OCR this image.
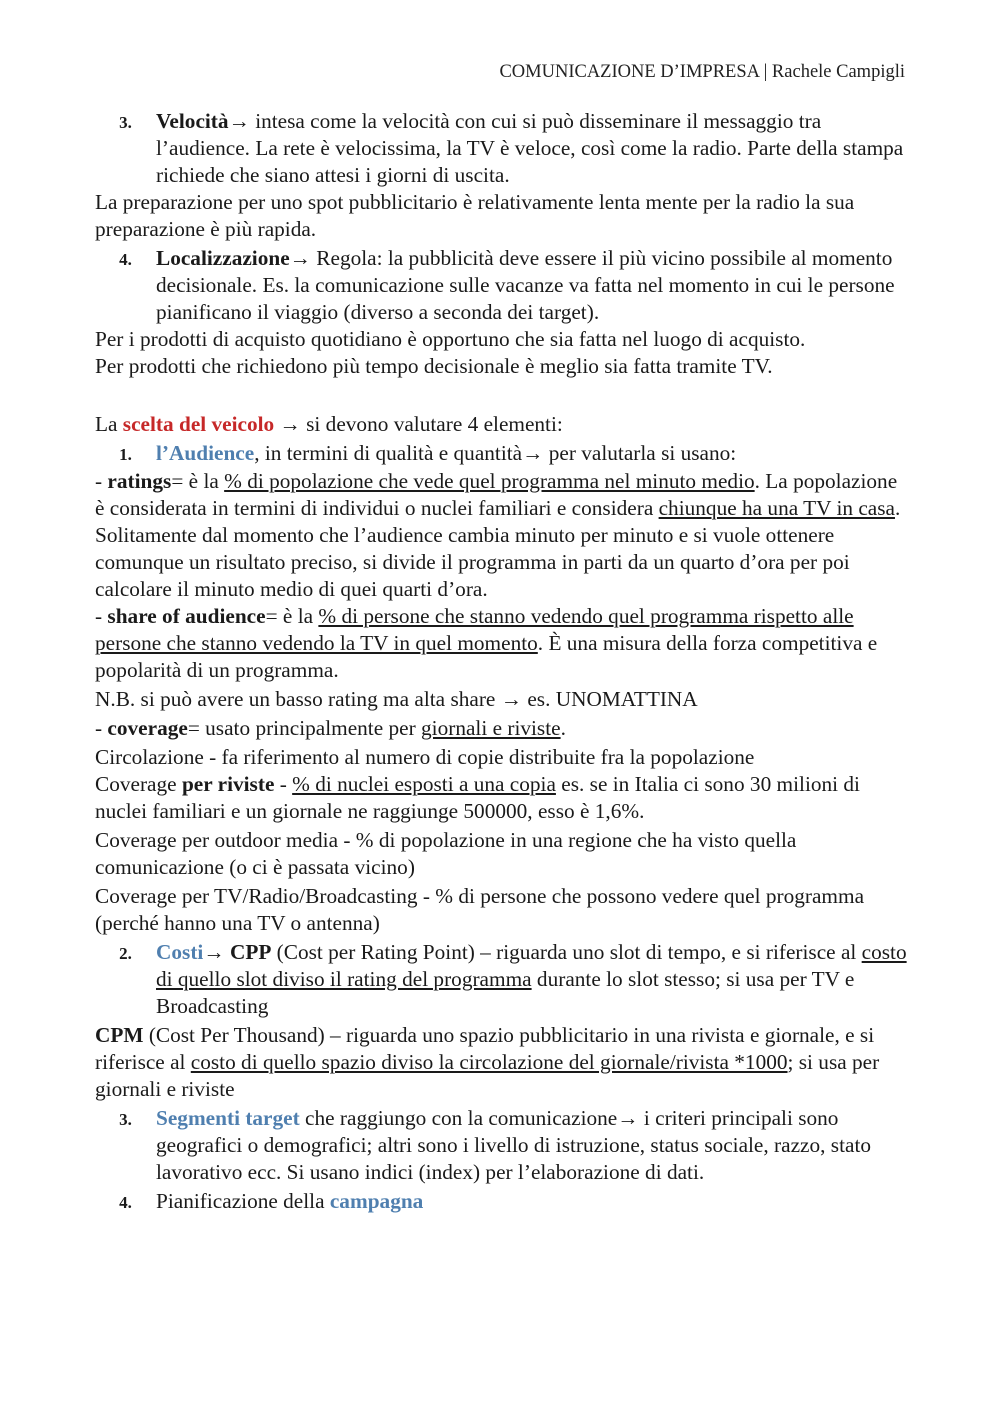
COMUNICAZIONE D’IMPRESA | Rachele Campigli
3.	Velocità→ intesa come la velocità con cui si può disseminare il messaggio tra l’audience. La rete è velocissima, la TV è veloce, così come la radio. Parte della stampa richiede che siano attesi i giorni di uscita.

La preparazione per uno spot pubblicitario è relativamente lenta mente per la radio la sua preparazione è più rapida.

4.	Localizzazione→ Regola: la pubblicità deve essere il più vicino possibile al momento decisionale. Es. la comunicazione sulle vacanze va fatta nel momento in cui le persone pianificano il viaggio (diverso a seconda dei target).

Per i prodotti di acquisto quotidiano è opportuno che sia fatta nel luogo di acquisto.

Per prodotti che richiedono più tempo decisionale è meglio sia fatta tramite TV.

La scelta del veicolo → si devono valutare 4 elementi:

1.	l’Audience, in termini di qualità e quantità→ per valutarla si usano:

- ratings= è la % di popolazione che vede quel programma nel minuto medio. La popolazione è considerata in termini di individui o nuclei familiari e considera chiunque ha una TV in casa. Solitamente dal momento che l’audience cambia minuto per minuto e si vuole ottenere comunque un risultato preciso, si divide il programma in parti da un quarto d’ora per poi calcolare il minuto medio di quei quarti d’ora.

- share of audience= è la % di persone che stanno vedendo quel programma rispetto alle persone che stanno vedendo la TV in quel momento. È una misura della forza competitiva e popolarità di un programma.

N.B. si può avere un basso rating ma alta share → es. UNOMATTINA

- coverage= usato principalmente per giornali e riviste.

Circolazione - fa riferimento al numero di copie distribuite fra la popolazione

Coverage per riviste - % di nuclei esposti a una copia es. se in Italia ci sono 30 milioni di nuclei familiari e un giornale ne raggiunge 500000, esso è 1,6%.

Coverage per outdoor media - % di popolazione in una regione che ha visto quella comunicazione (o ci è passata vicino)

Coverage per TV/Radio/Broadcasting - % di persone che possono vedere quel programma (perché hanno una TV o antenna)

2.	Costi→ CPP (Cost per Rating Point) – riguarda uno slot di tempo, e si riferisce al costo di quello slot diviso il rating del programma durante lo slot stesso; si usa per TV e Broadcasting

CPM (Cost Per Thousand) – riguarda uno spazio pubblicitario in una rivista e giornale, e si riferisce al costo di quello spazio diviso la circolazione del giornale/rivista *1000; si usa per giornali e riviste

3.	Segmenti target che raggiungo con la comunicazione→ i criteri principali sono geografici o demografici; altri sono i livello di istruzione, status sociale, razzo, stato lavorativo ecc. Si usano indici (index) per l’elaborazione di dati.
4.	Pianificazione della campagna
